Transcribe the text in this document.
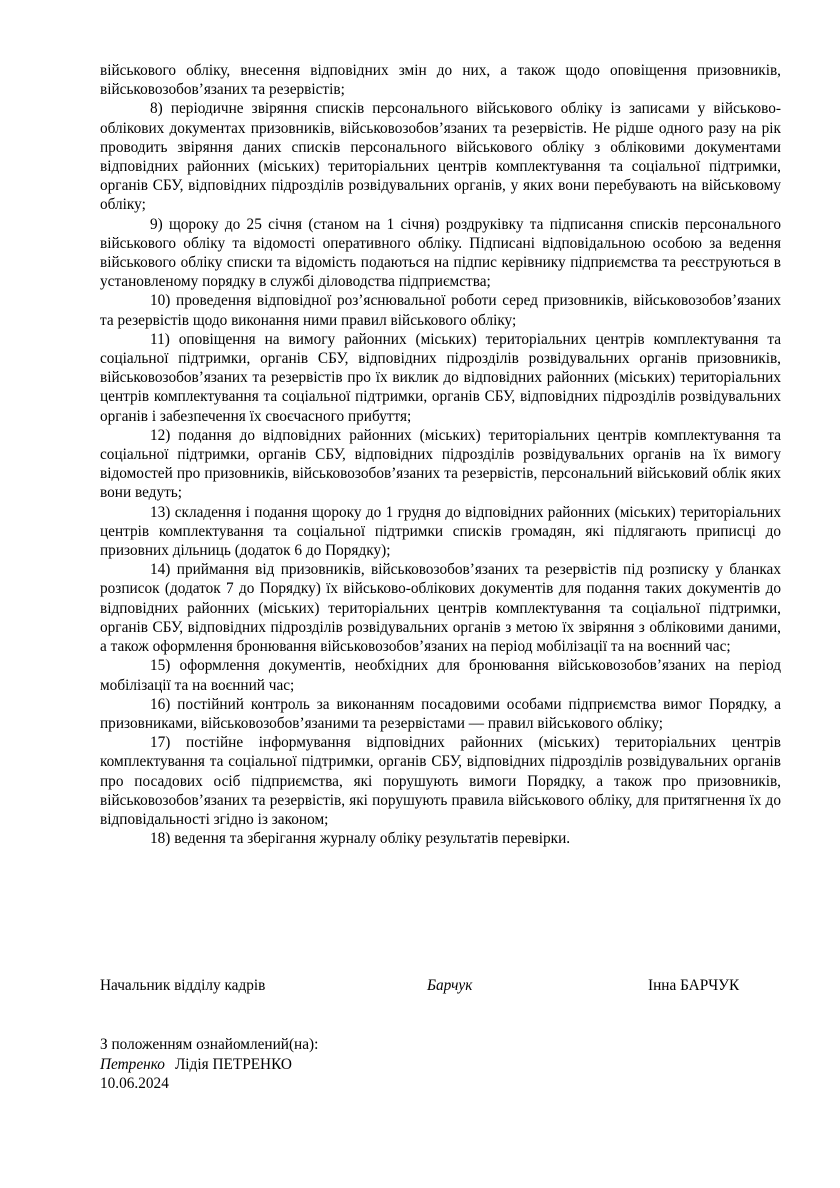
військового обліку, внесення відповідних змін до них, а також щодо оповіщення призовників, військовозобов’язаних та резервістів;

8) періодичне звіряння списків персонального військового обліку із записами у військово-облікових документах призовників, військовозобов’язаних та резервістів. Не рідше одного разу на рік проводить звіряння даних списків персонального військового обліку з обліковими документами відповідних районних (міських) територіальних центрів комплектування та соціальної підтримки, органів СБУ, відповідних підрозділів розвідувальних органів, у яких вони перебувають на військовому обліку;

9) щороку до 25 січня (станом на 1 січня) роздруківку та підписання списків персонального військового обліку та відомості оперативного обліку. Підписані відповідальною особою за ведення військового обліку списки та відомість подаються на підпис керівнику підприємства та реєструються в установленому порядку в службі діловодства підприємства;

10) проведення відповідної роз’яснювальної роботи серед призовників, військовозобов’язаних та резервістів щодо виконання ними правил військового обліку;

11) оповіщення на вимогу районних (міських) територіальних центрів комплектування та соціальної підтримки, органів СБУ, відповідних підрозділів розвідувальних органів призовників, військовозобов’язаних та резервістів про їх виклик до відповідних районних (міських) територіальних центрів комплектування та соціальної підтримки, органів СБУ, відповідних підрозділів розвідувальних органів і забезпечення їх своєчасного прибуття;

12) подання до відповідних районних (міських) територіальних центрів комплектування та соціальної підтримки, органів СБУ, відповідних підрозділів розвідувальних органів на їх вимогу відомостей про призовників, військовозобов’язаних та резервістів, персональний військовий облік яких вони ведуть;

13) складення і подання щороку до 1 грудня до відповідних районних (міських) територіальних центрів комплектування та соціальної підтримки списків громадян, які підлягають приписці до призовних дільниць (додаток 6 до Порядку);

14) приймання від призовників, військовозобов’язаних та резервістів під розписку у бланках розписок (додаток 7 до Порядку) їх військово-облікових документів для подання таких документів до відповідних районних (міських) територіальних центрів комплектування та соціальної підтримки, органів СБУ, відповідних підрозділів розвідувальних органів з метою їх звіряння з обліковими даними, а також оформлення бронювання військовозобов’язаних на період мобілізації та на воєнний час;

15) оформлення документів, необхідних для бронювання військовозобов’язаних на період мобілізації та на воєнний час;

16) постійний контроль за виконанням посадовими особами підприємства вимог Порядку, а призовниками, військовозобов’язаними та резервістами — правил військового обліку;

17) постійне інформування відповідних районних (міських) територіальних центрів комплектування та соціальної підтримки, органів СБУ, відповідних підрозділів розвідувальних органів про посадових осіб підприємства, які порушують вимоги Порядку, а також про призовників, військовозобов’язаних та резервістів, які порушують правила військового обліку, для притягнення їх до відповідальності згідно із законом;

18) ведення та зберігання журналу обліку результатів перевірки.

Начальник відділу кадрів	Барчук	Інна БАРЧУК

З положенням ознайомлений(на):

Петренко Лідія ПЕТРЕНКО

10.06.2024
